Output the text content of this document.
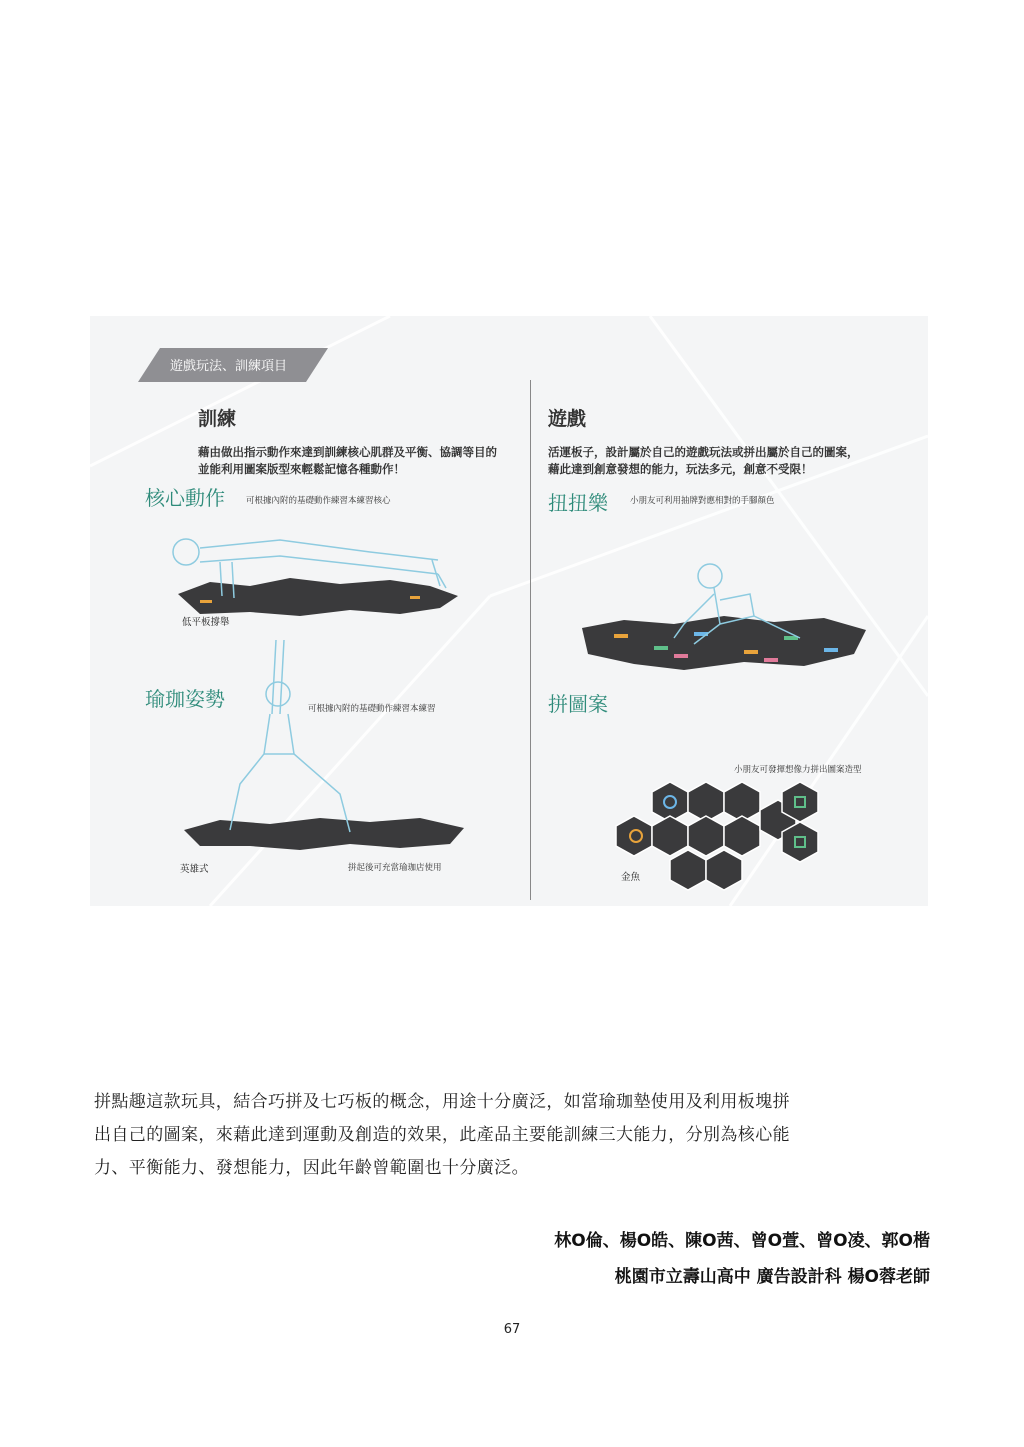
遊戲玩法、訓練項目
訓練
藉由做出指示動作來達到訓練核心肌群及平衡、協調等目的
並能利用圖案版型來輕鬆記憶各種動作！
核心動作 可根據內附的基礎動作練習本練習核心
低平板撐舉
瑜珈姿勢	可根據內附的基礎動作練習本練習
英雄式	拼起後可充當瑜珈店使用
遊戲
活運板子，設計屬於自己的遊戲玩法或拼出屬於自己的圖案，
藉此達到創意發想的能力，玩法多元，創意不受限！
扭扭樂	小朋友可利用抽牌對應相對的手腳顏色
拼圖案
小朋友可發揮想像力拼出圖案造型
金魚
拼點趣這款玩具，結合巧拼及七巧板的概念，用途十分廣泛，如當瑜珈墊使用及利用板塊拼
出自己的圖案，來藉此達到運動及創造的效果，此產品主要能訓練三大能力，分別為核心能
力、平衡能力、發想能力，因此年齡曾範圍也十分廣泛。
林O倫、楊O皓、陳O茜、曾O萱、曾O凌、郭O楷
桃園市立壽山高中 廣告設計科 楊O蓉老師
67
